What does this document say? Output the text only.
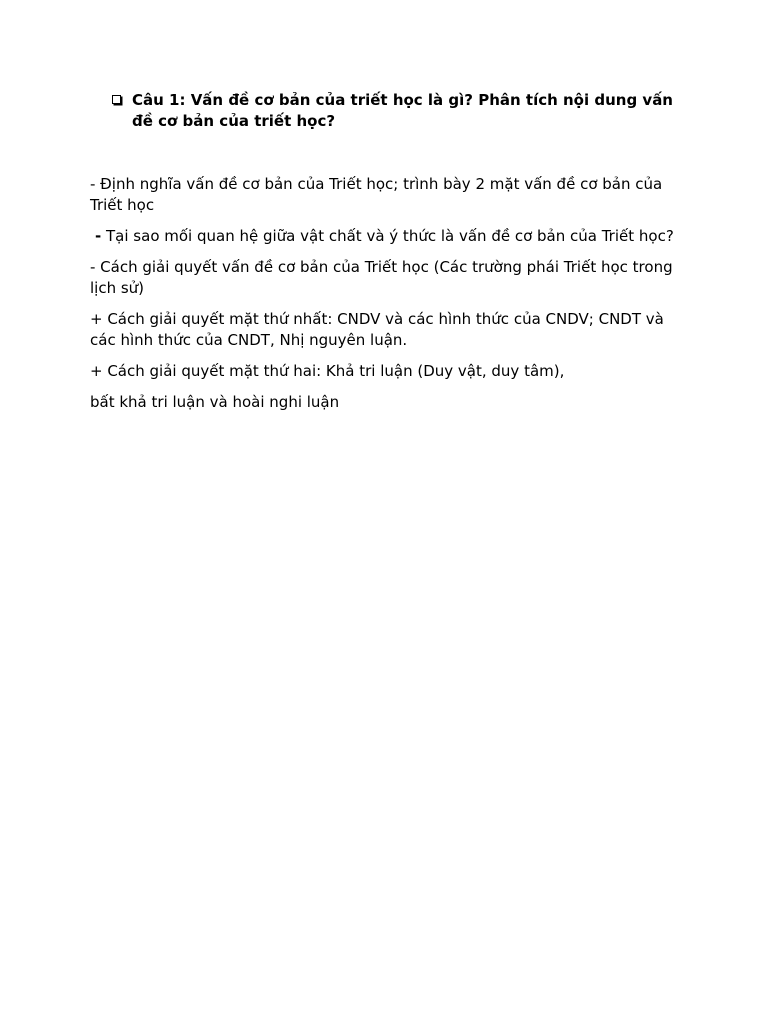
Câu 1: Vấn đề cơ bản của triết học là gì? Phân tích nội dung vấn đề cơ bản của triết học?

- Định nghĩa vấn đề cơ bản của Triết học; trình bày 2 mặt vấn đề cơ bản của Triết học

- Tại sao mối quan hệ giữa vật chất và ý thức là vấn đề cơ bản của Triết học?

- Cách giải quyết vấn đề cơ bản của Triết học (Các trường phái Triết học trong lịch sử)

+ Cách giải quyết mặt thứ nhất: CNDV và các hình thức của CNDV; CNDT và các hình thức của CNDT, Nhị nguyên luận.

+ Cách giải quyết mặt thứ hai: Khả tri luận (Duy vật, duy tâm),

bất khả tri luận và hoài nghi luận
